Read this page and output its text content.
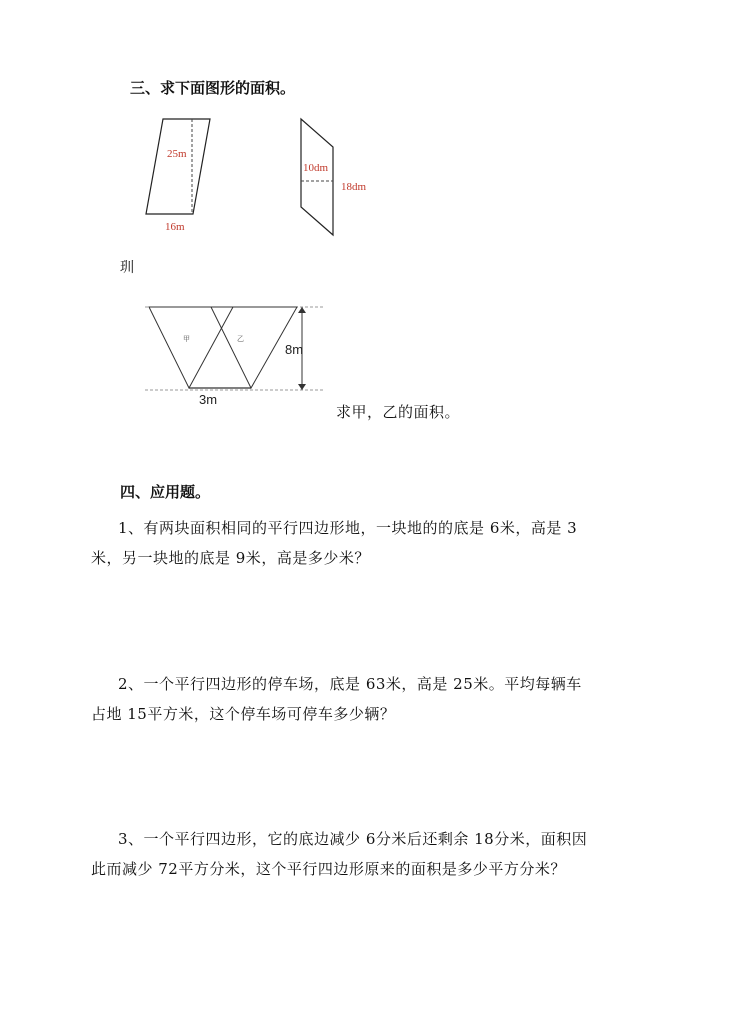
三、求下面图形的面积。
25m
16m
10dm
18dm
甲	乙
8m
3m
玔
求甲，乙的面积。
四、应用题。
1、有两块面积相同的平行四边形地，一块地的的底是 6米，高是 3
米，另一块地的底是 9米，高是多少米？
2、一个平行四边形的停车场，底是 63米，高是 25米。平均每辆车
占地 15平方米，这个停车场可停车多少辆？
3、一个平行四边形，它的底边减少 6分米后还剩余 18分米，面积因
此而减少 72平方分米，这个平行四边形原来的面积是多少平方分米？
